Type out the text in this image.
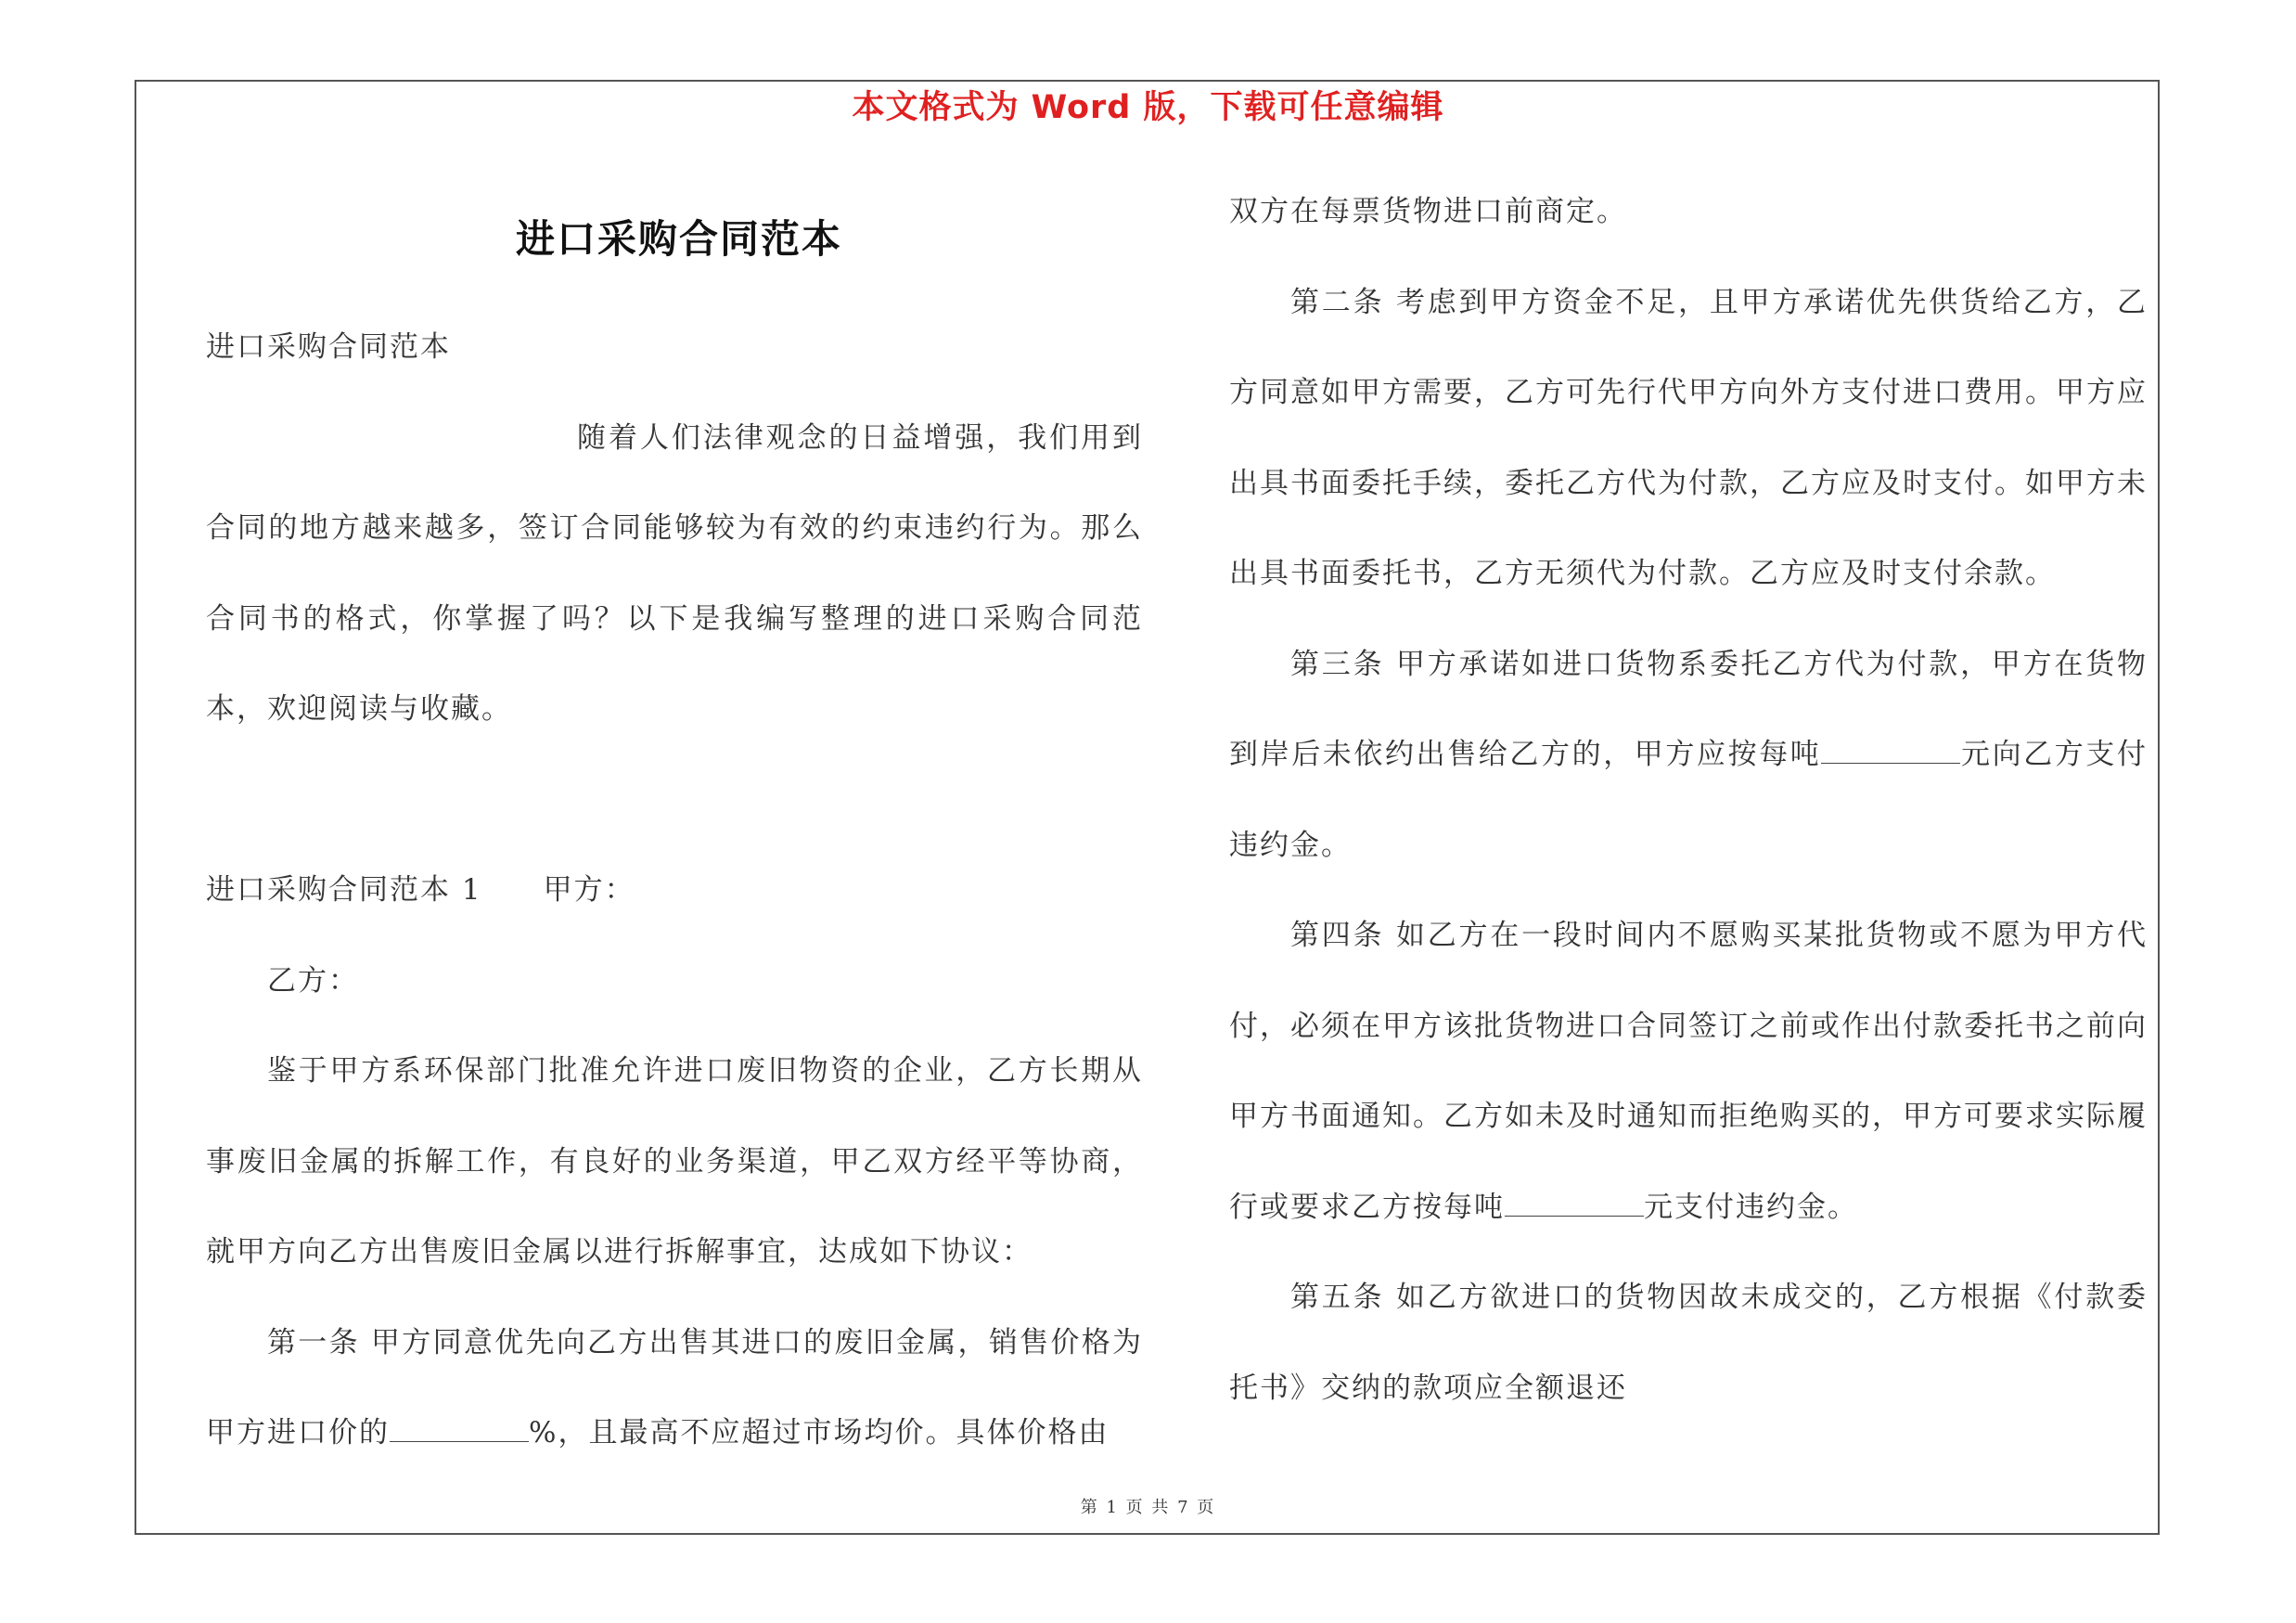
本文格式为 Word 版，下载可任意编辑
进口采购合同范本

进口采购合同范本

随着人们法律观念的日益增强，我们用到合同的地方越来越多，签订合同能够较为有效的约束违约行为。那么合同书的格式，你掌握了吗？以下是我编写整理的进口采购合同范本，欢迎阅读与收藏。

进口采购合同范本 1 甲方：

乙方：

鉴于甲方系环保部门批准允许进口废旧物资的企业，乙方长期从事废旧金属的拆解工作，有良好的业务渠道，甲乙双方经平等协商，就甲方向乙方出售废旧金属以进行拆解事宜，达成如下协议：

第一条 甲方同意优先向乙方出售其进口的废旧金属，销售价格为甲方进口价的	%，且最高不应超过市场均价。具体价格由

双方在每票货物进口前商定。

第二条 考虑到甲方资金不足，且甲方承诺优先供货给乙方，乙方同意如甲方需要，乙方可先行代甲方向外方支付进口费用。甲方应出具书面委托手续，委托乙方代为付款，乙方应及时支付。如甲方未出具书面委托书，乙方无须代为付款。乙方应及时支付余款。

第三条 甲方承诺如进口货物系委托乙方代为付款，甲方在货物到岸后未依约出售给乙方的，甲方应按每吨	元向乙方支付违约金。

第四条 如乙方在一段时间内不愿购买某批货物或不愿为甲方代付，必须在甲方该批货物进口合同签订之前或作出付款委托书之前向甲方书面通知。乙方如未及时通知而拒绝购买的，甲方可要求实际履行或要求乙方按每吨	元支付违约金。

第五条 如乙方欲进口的货物因故未成交的，乙方根据《付款委托书》交纳的款项应全额退还

第 1 页 共 7 页
